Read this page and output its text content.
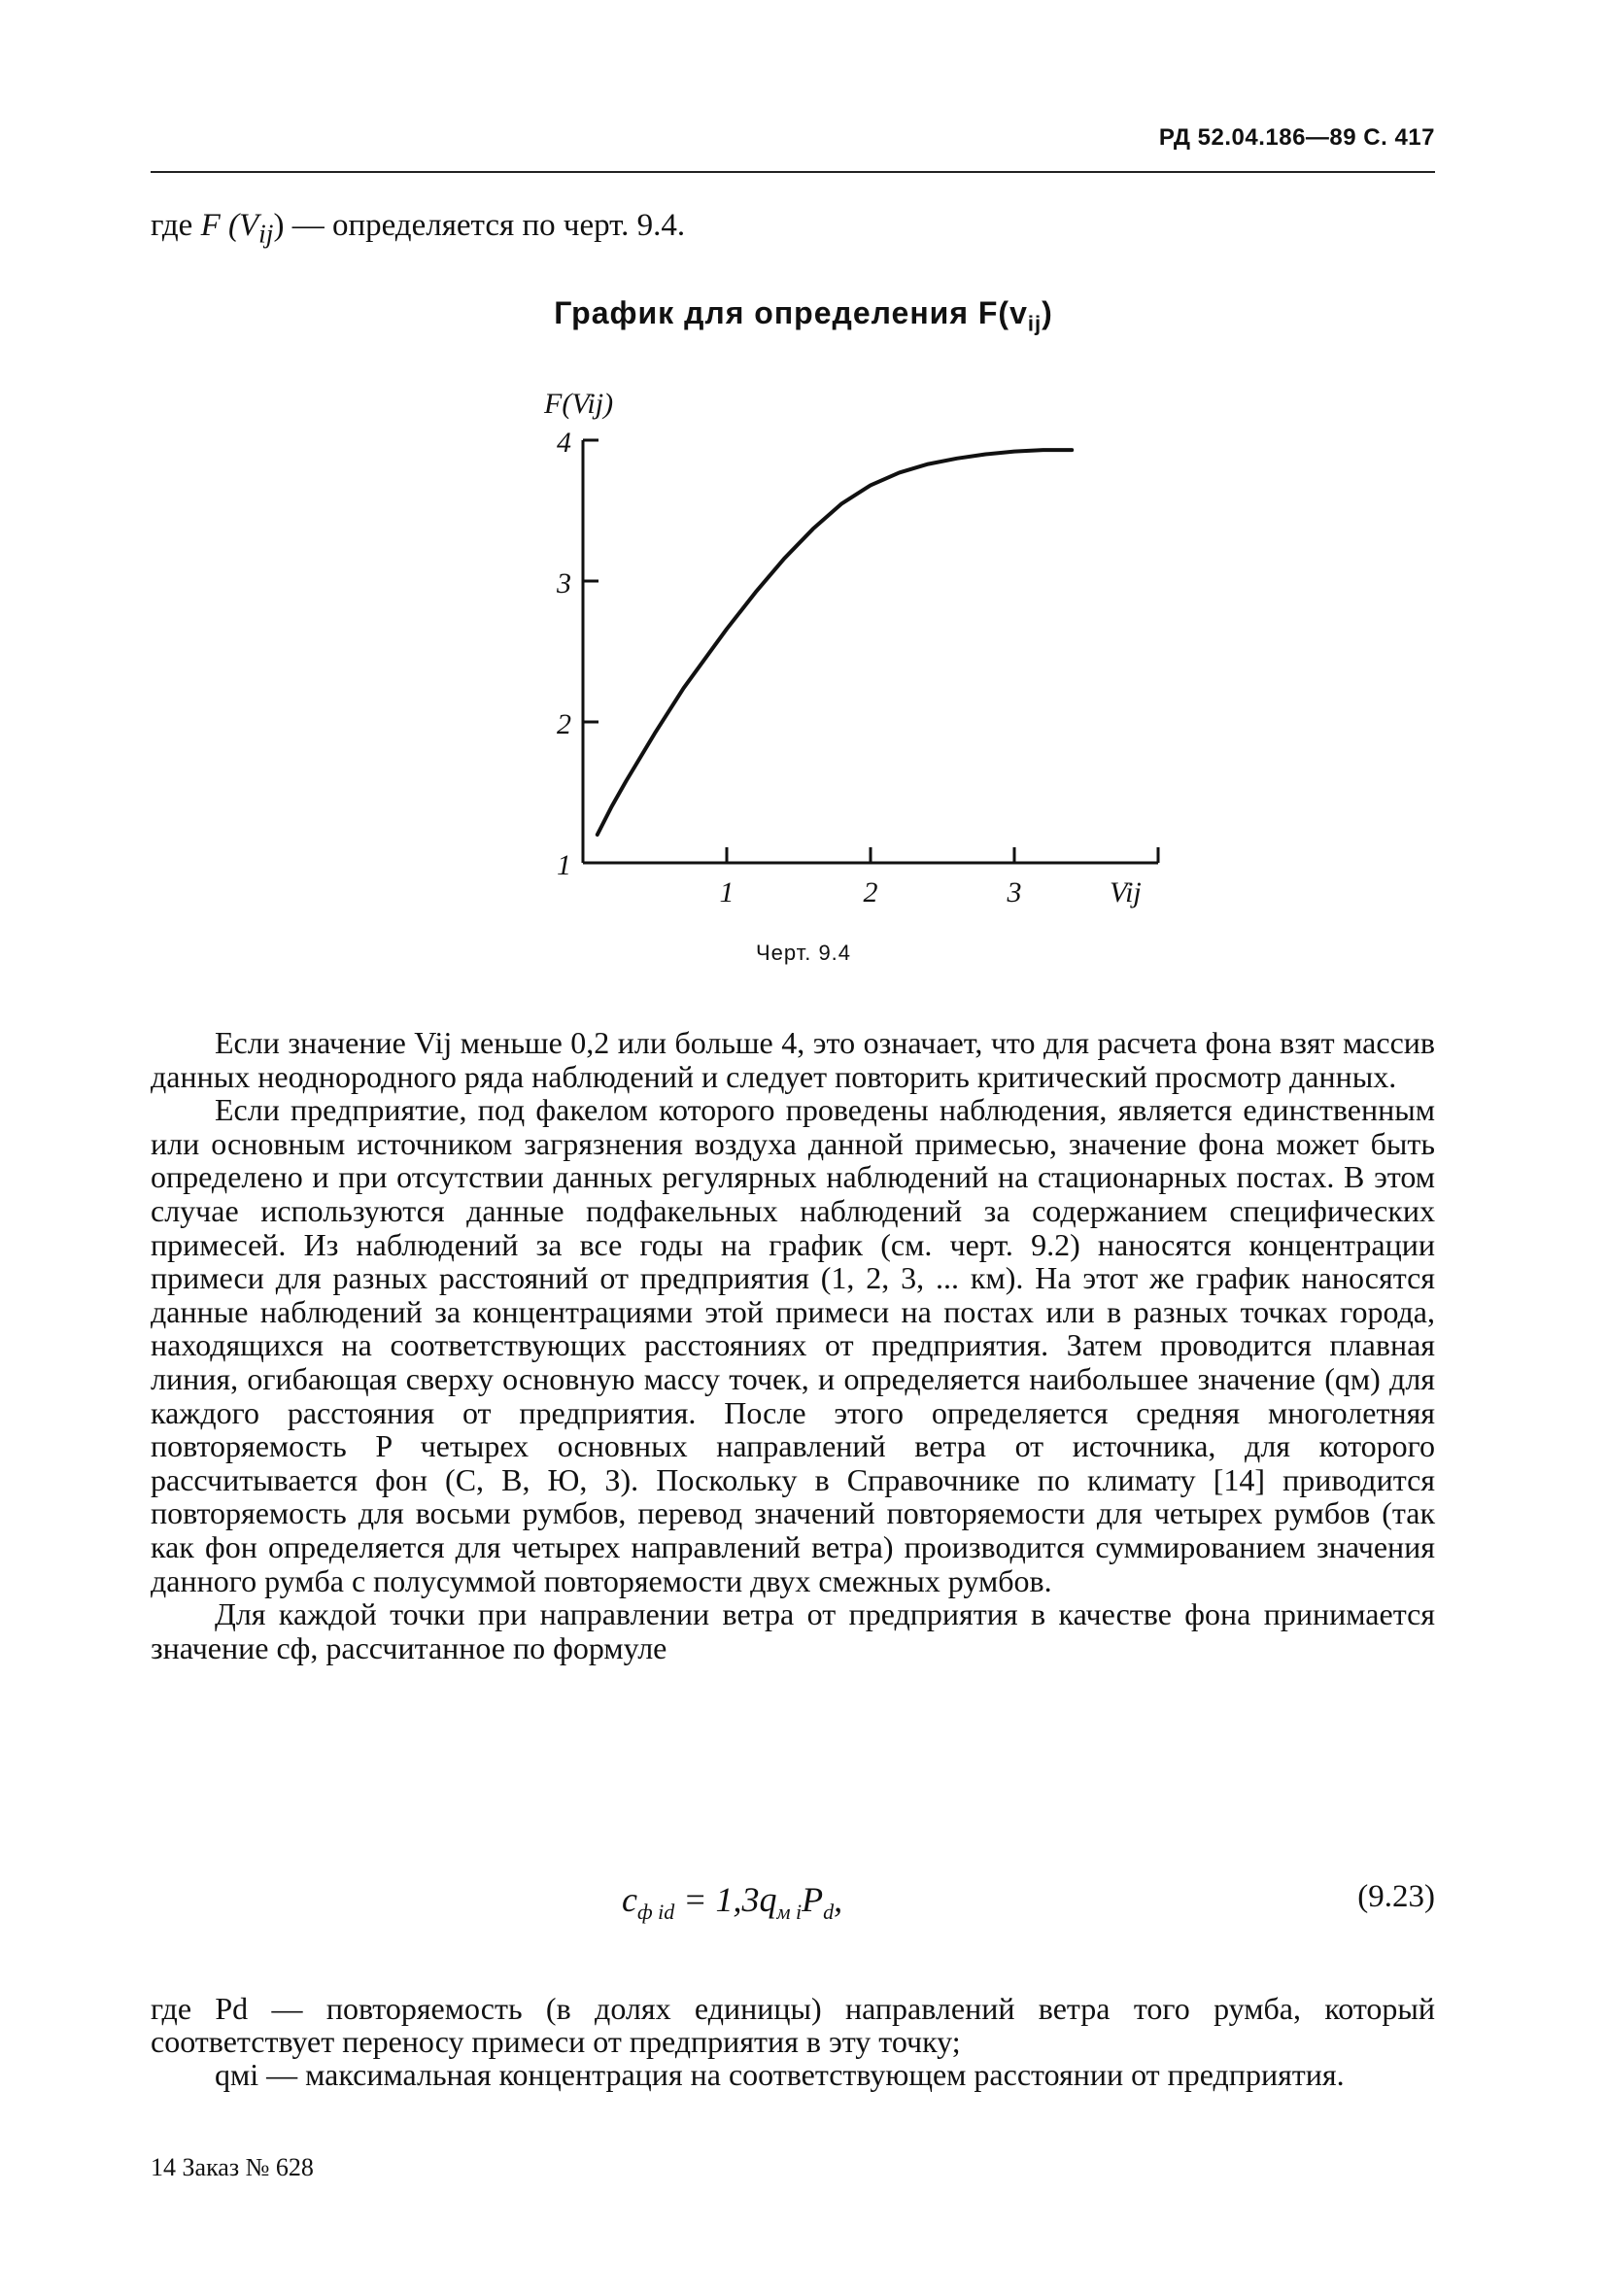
РД 52.04.186—89 С. 417
где F $(V_{ij})$ — определяется по черт. 9.4.
График для определения $F(v_{ij})$
1
2
3
4
1	2	3
F(Vij)
Vij
Черт. 9.4

Если значение Vij меньше 0,2 или больше 4, это означает, что для расчета фона взят массив данных неоднородного ряда наблюдений и следует повторить критический просмотр данных.

Если предприятие, под факелом которого проведены наблюдения, является единственным или основным источником загрязнения воздуха данной примесью, значение фона может быть определено и при отсутствии данных регулярных наблюдений на стационарных постах. В этом случае используются данные подфакельных наблюдений за содержанием специфических примесей. Из наблюдений за все годы на график (см. черт. 9.2) наносятся концентрации примеси для разных расстояний от предприятия (1, 2, 3, ... км). На этот же график наносятся данные наблюдений за концентрациями этой примеси на постах или в разных точках города, находящихся на соответствующих расстояниях от предприятия. Затем проводится плавная линия, огибающая сверху основную массу точек, и определяется наибольшее значение (qм) для каждого расстояния от предприятия. После этого определяется средняя многолетняя повторяемость P четырех основных направлений ветра от источника, для которого рассчитывается фон (С, В, Ю, З). Поскольку в Справочнике по климату [14] приводится повторяемость для восьми румбов, перевод значений повторяемости для четырех румбов (так как фон определяется для четырех направлений ветра) производится суммированием значения данного румба с полусуммой повторяемости двух смежных румбов.

Для каждой точки при направлении ветра от предприятия в качестве фона принимается значение cф, рассчитанное по формуле

$c_{ф id} = 1,3q_{м i}P_d$,	(9.23)

где Pd — повторяемость (в долях единицы) направлений ветра того румба, который соответствует переносу примеси от предприятия в эту точку;

qмi — максимальная концентрация на соответствующем расстоянии от предприятия.

14 Заказ № 628
